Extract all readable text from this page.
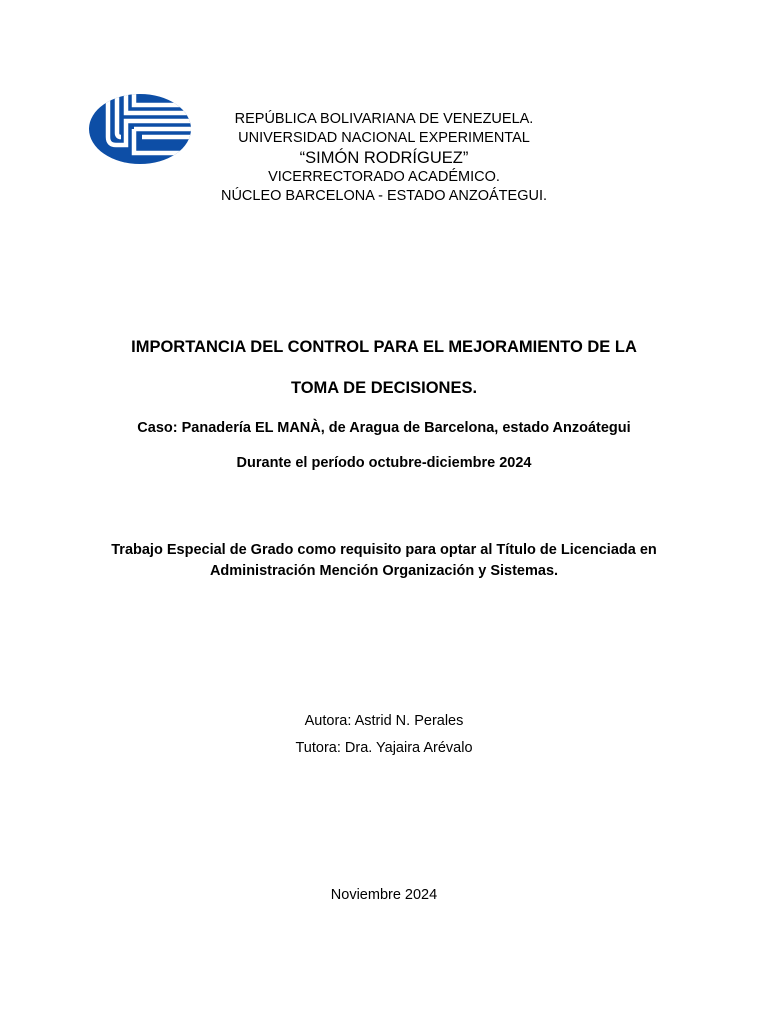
REPÚBLICA BOLIVARIANA DE VENEZUELA.
UNIVERSIDAD NACIONAL EXPERIMENTAL
“SIMÓN RODRÍGUEZ”
VICERRECTORADO ACADÉMICO.
NÚCLEO BARCELONA - ESTADO ANZOÁTEGUI.
IMPORTANCIA DEL CONTROL PARA EL MEJORAMIENTO DE LA
TOMA DE DECISIONES.
Caso: Panadería EL MANÀ, de Aragua de Barcelona, estado Anzoátegui
Durante el período octubre-diciembre 2024
Trabajo Especial de Grado como requisito para optar al Título de Licenciada en
Administración Mención Organización y Sistemas.
Autora: Astrid N. Perales
Tutora: Dra. Yajaira Arévalo
Noviembre 2024
